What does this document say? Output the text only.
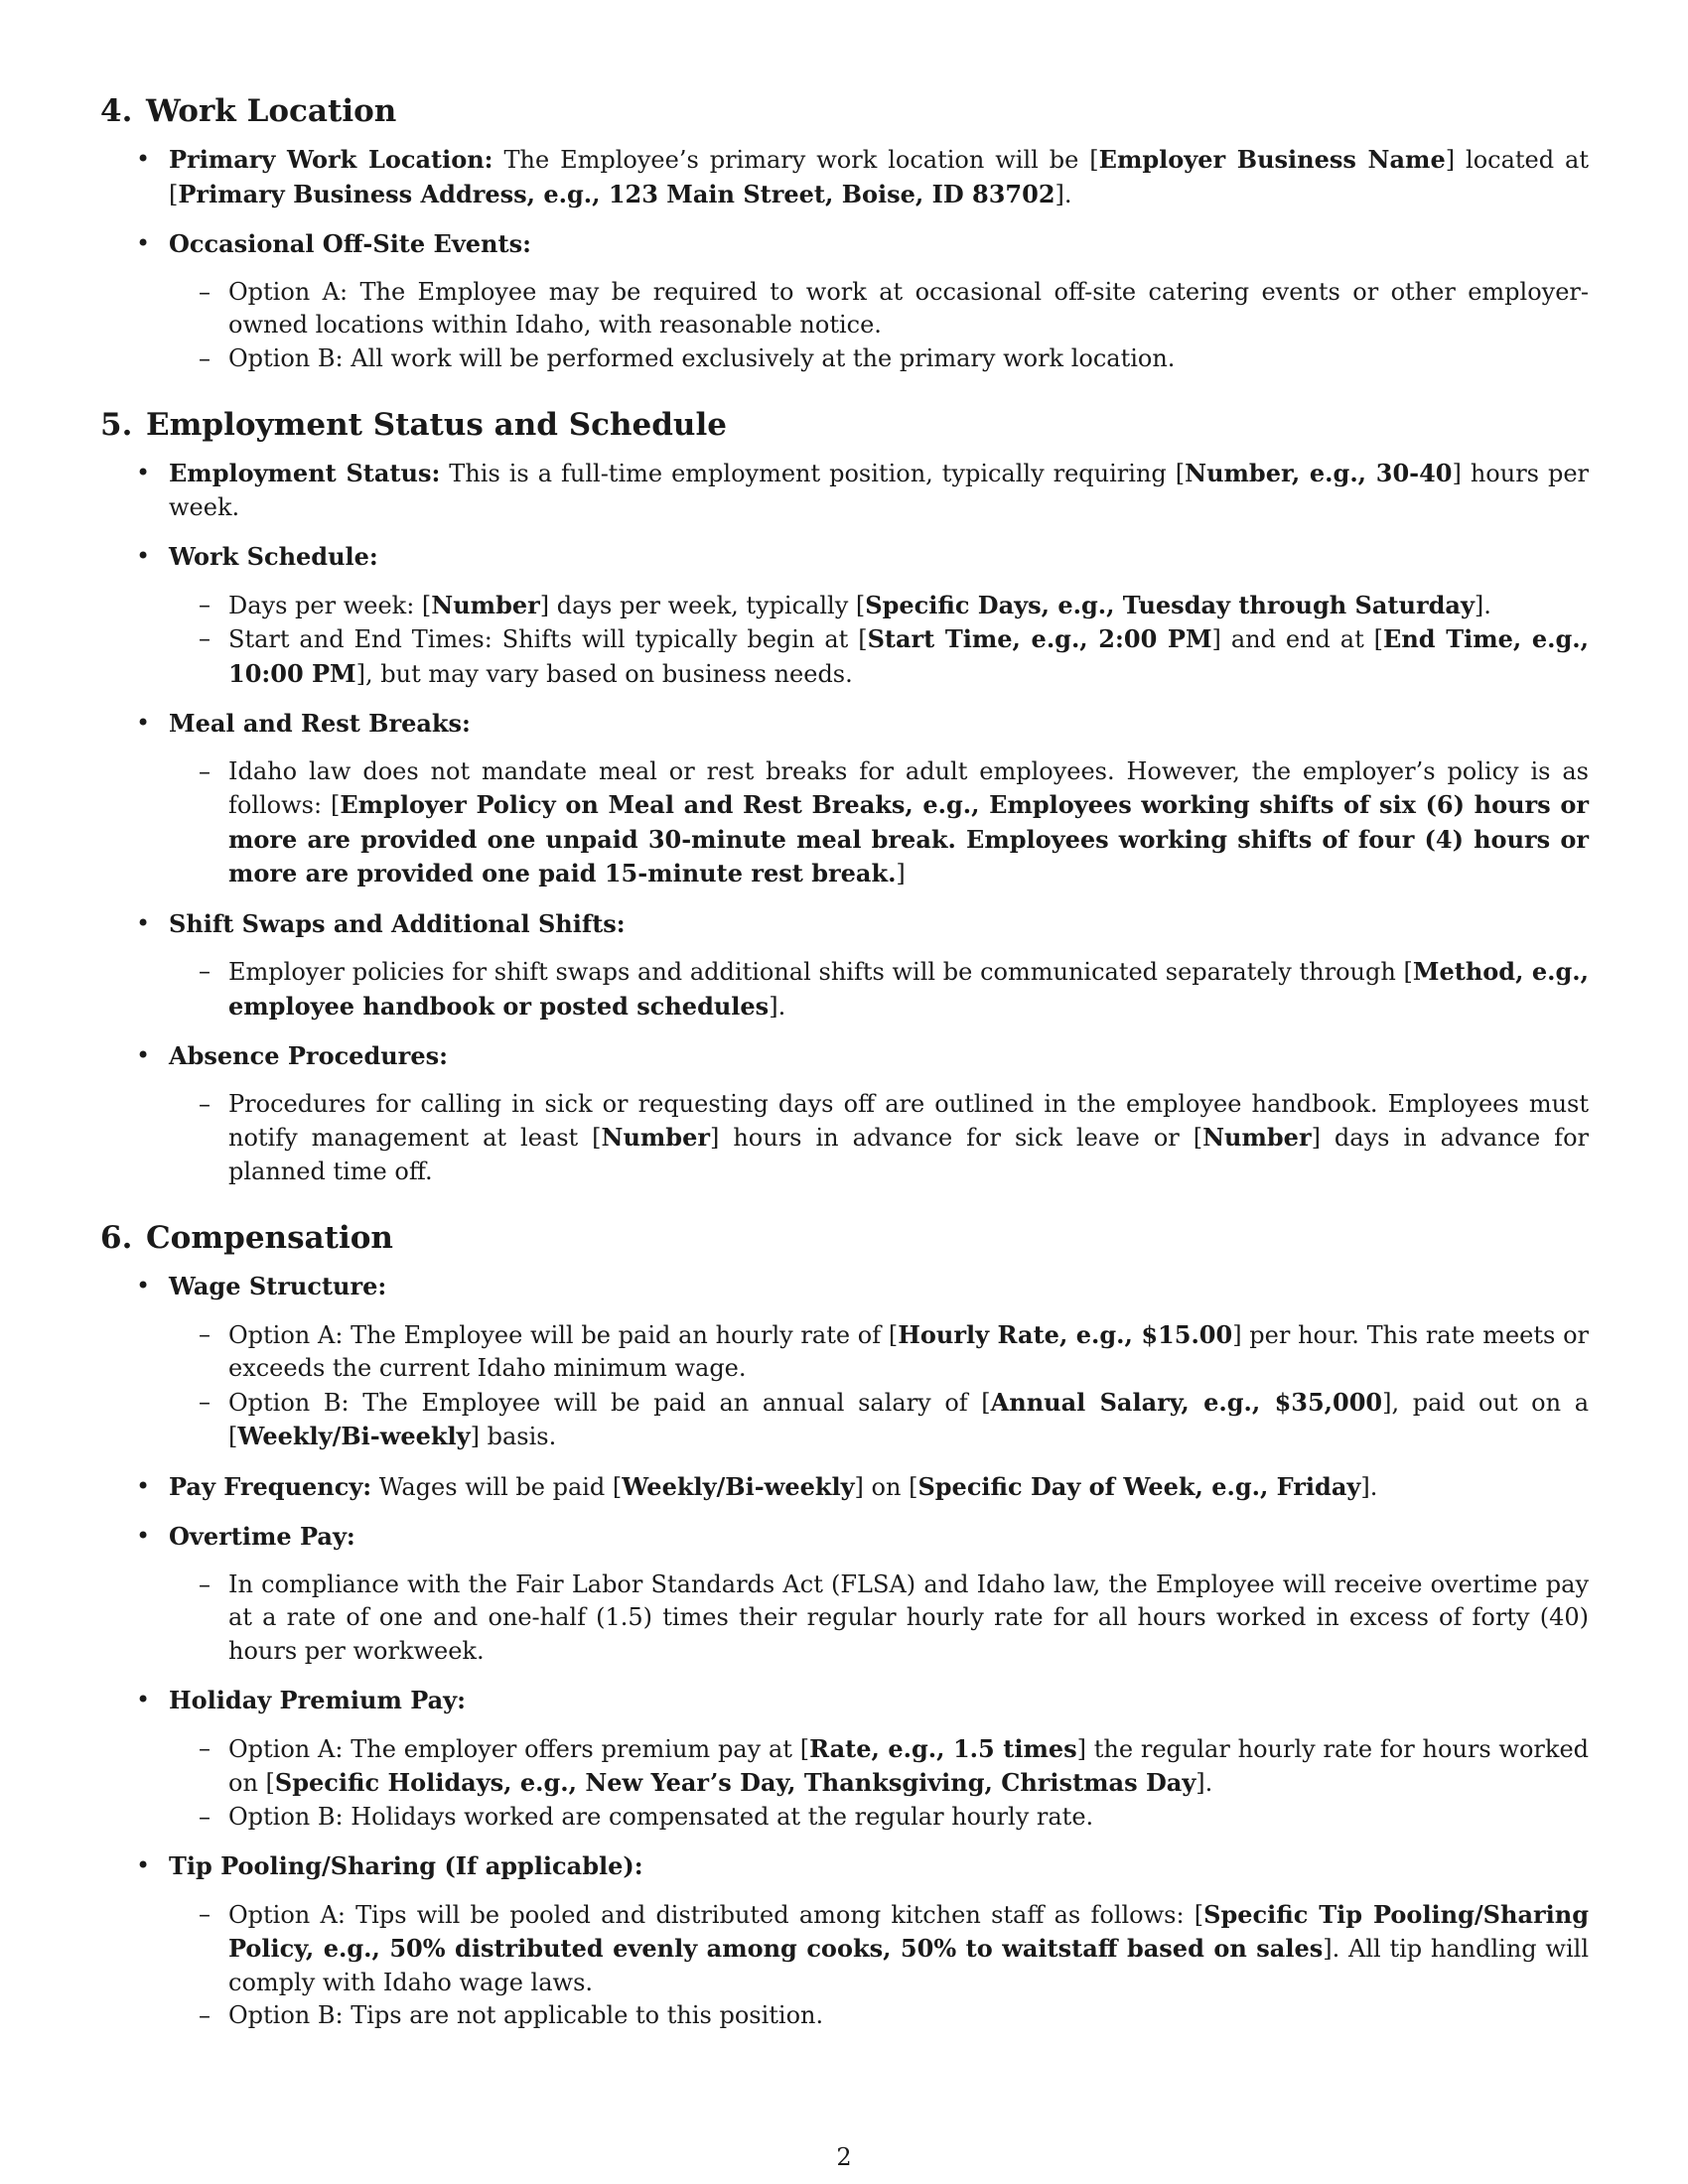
4. Work Location
• Primary Work Location: The Employee’s primary work location will be [Employer Business Name] located at [Primary Business Address, e.g., 123 Main Street, Boise, ID 83702].
• Occasional Off-Site Events:
– Option A: The Employee may be required to work at occasional off-site catering events or other employer-owned locations within Idaho, with reasonable notice.
– Option B: All work will be performed exclusively at the primary work location.
5. Employment Status and Schedule
• Employment Status: This is a full-time employment position, typically requiring [Number, e.g., 30-40] hours per week.
• Work Schedule:
– Days per week: [Number] days per week, typically [Specific Days, e.g., Tuesday through Saturday].
– Start and End Times: Shifts will typically begin at [Start Time, e.g., 2:00 PM] and end at [End Time, e.g., 10:00 PM], but may vary based on business needs.
• Meal and Rest Breaks:
– Idaho law does not mandate meal or rest breaks for adult employees. However, the employer’s policy is as follows: [Employer Policy on Meal and Rest Breaks, e.g., Employees working shifts of six (6) hours or more are provided one unpaid 30-minute meal break. Employees working shifts of four (4) hours or more are provided one paid 15-minute rest break.]
• Shift Swaps and Additional Shifts:
– Employer policies for shift swaps and additional shifts will be communicated separately through [Method, e.g., employee handbook or posted schedules].
• Absence Procedures:
– Procedures for calling in sick or requesting days off are outlined in the employee handbook. Employees must notify management at least [Number] hours in advance for sick leave or [Number] days in advance for planned time off.
6. Compensation
• Wage Structure:
– Option A: The Employee will be paid an hourly rate of [Hourly Rate, e.g., $15.00] per hour. This rate meets or exceeds the current Idaho minimum wage.
– Option B: The Employee will be paid an annual salary of [Annual Salary, e.g., $35,000], paid out on a [Weekly/Bi-weekly] basis.
• Pay Frequency: Wages will be paid [Weekly/Bi-weekly] on [Specific Day of Week, e.g., Friday].
• Overtime Pay:
– In compliance with the Fair Labor Standards Act (FLSA) and Idaho law, the Employee will receive overtime pay at a rate of one and one-half (1.5) times their regular hourly rate for all hours worked in excess of forty (40) hours per workweek.
• Holiday Premium Pay:
– Option A: The employer offers premium pay at [Rate, e.g., 1.5 times] the regular hourly rate for hours worked on [Specific Holidays, e.g., New Year’s Day, Thanksgiving, Christmas Day].
– Option B: Holidays worked are compensated at the regular hourly rate.
• Tip Pooling/Sharing (If applicable):
– Option A: Tips will be pooled and distributed among kitchen staff as follows: [Specific Tip Pooling/Sharing Policy, e.g., 50% distributed evenly among cooks, 50% to waitstaff based on sales]. All tip handling will comply with Idaho wage laws.
– Option B: Tips are not applicable to this position.
2
